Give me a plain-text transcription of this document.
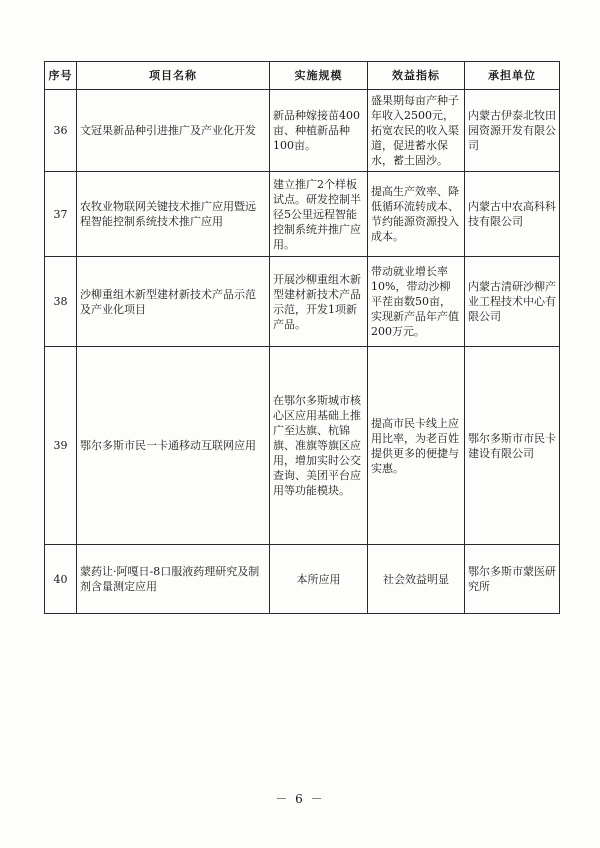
序号	项目名称	实施规模	效益指标	承担单位
36	文冠果新品种引进推广及产业化开发	新品种嫁接苗400亩、种植新品种100亩。	盛果期每亩产种子年收入2500元，拓宽农民的收入渠道，促进蓄水保水，蓄土固沙。	内蒙古伊泰北牧田园资源开发有限公司
37	农牧业物联网关键技术推广应用暨远程智能控制系统技术推广应用	建立推广2个样板试点。研发控制半径5公里远程智能控制系统并推广应用。	提高生产效率、降低循环流转成本、节约能源资源投入成本。	内蒙古中农高科科技有限公司
38	沙柳重组木新型建材新技术产品示范及产业化项目	开展沙柳重组木新型建材新技术产品示范，开发1项新产品。	带动就业增长率10%，带动沙柳平茬亩数50亩，实现新产品年产值200万元。	内蒙古清研沙柳产业工程技术中心有限公司
39	鄂尔多斯市民一卡通移动互联网应用	在鄂尔多斯城市核心区应用基础上推广至达旗、杭锦旗、准旗等旗区应用，增加实时公交查询、美团平台应用等功能模块。	提高市民卡线上应用比率，为老百姓提供更多的便捷与实惠。	鄂尔多斯市市民卡建设有限公司
40	蒙药让·阿嘎日-8口服液药理研究及制剂含量测定应用	本所应用	社会效益明显	鄂尔多斯市蒙医研究所
－ 6 －
